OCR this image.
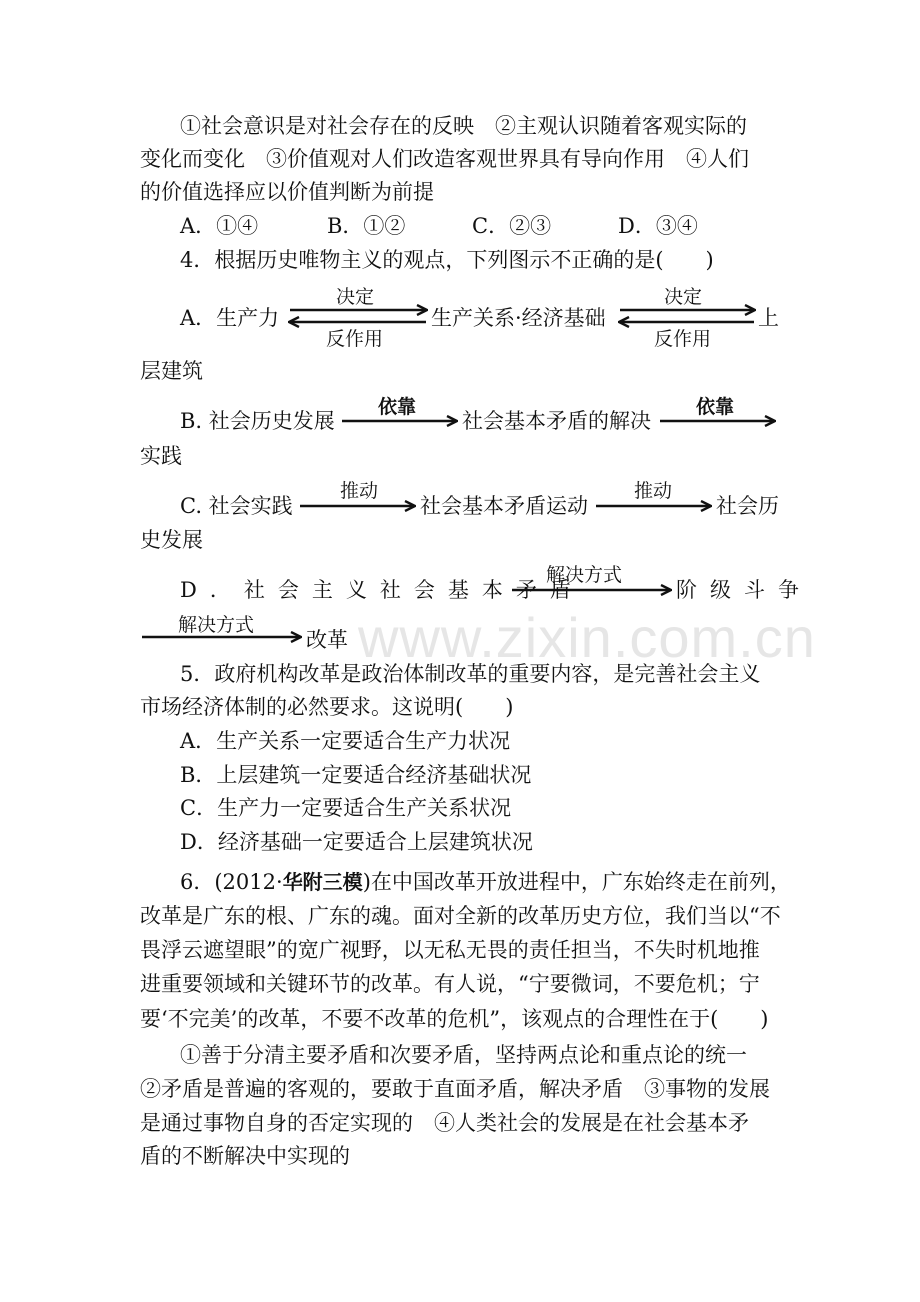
www.zixin.com.cn
①社会意识是对社会存在的反映　②主观认识随着客观实际的
变化而变化　③价值观对人们改造客观世界具有导向作用　④人们
的价值选择应以价值判断为前提
A．①④	B．①②	C．②③	D．③④
4．根据历史唯物主义的观点，下列图示不正确的是(　　)
A．生产力
决定
反作用
生产关系·经济基础
决定
反作用
上
层建筑
B. 社会历史发展
依靠
社会基本矛盾的解决
依靠
实践
C. 社会实践
推动
社会基本矛盾运动
推动
社会历
史发展
D．社会主义社会基本矛盾
解决方式
阶级斗争
解决方式
改革
5．政府机构改革是政治体制改革的重要内容，是完善社会主义
市场经济体制的必然要求。这说明(　　)
A．生产关系一定要适合生产力状况
B．上层建筑一定要适合经济基础状况
C．生产力一定要适合生产关系状况
D．经济基础一定要适合上层建筑状况
6．(2012·华附三模)在中国改革开放进程中，广东始终走在前列，
改革是广东的根、广东的魂。面对全新的改革历史方位，我们当以“不
畏浮云遮望眼”的宽广视野，以无私无畏的责任担当，不失时机地推
进重要领域和关键环节的改革。有人说，“宁要微词，不要危机；宁
要‘不完美’的改革，不要不改革的危机”，该观点的合理性在于(　　)
①善于分清主要矛盾和次要矛盾，坚持两点论和重点论的统一
②矛盾是普遍的客观的，要敢于直面矛盾，解决矛盾　③事物的发展
是通过事物自身的否定实现的　④人类社会的发展是在社会基本矛
盾的不断解决中实现的
